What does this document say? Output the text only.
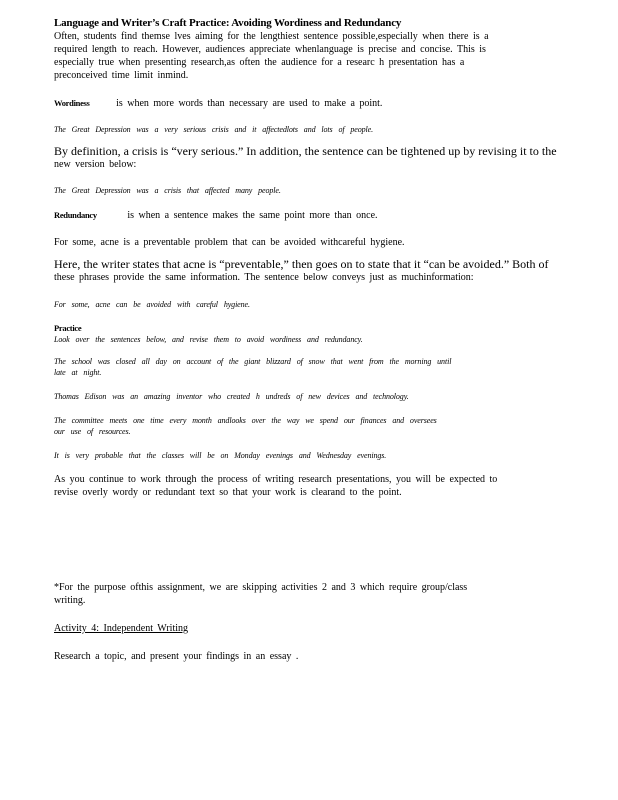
Language and Writer’s Craft Practice: Avoiding Wordiness and Redundancy

Often, students find themse lves aiming for the lengthiest sentence possible,especially when there is a

required length to reach. However, audiences appreciate whenlanguage is precise and concise. This is

especially true when presenting research,as often the audience for a researc h presentation has a

preconceived time limit inmind.

Wordiness	is when more words than necessary are used to make a point.

The Great Depression was a very serious crisis and it affectedlots and lots of people.

By definition, a crisis is “very serious.” In addition, the sentence can be tightened up by revising it to the

new version below:

The Great Depression was a crisis that affected many people.

Redundancy	is when a sentence makes the same point more than once.

For some, acne is a preventable problem that can be avoided withcareful hygiene.

Here, the writer states that acne is “preventable,” then goes on to state that it “can be avoided.” Both of

these phrases provide the same information. The sentence below conveys just as muchinformation:

For some, acne can be avoided with careful hygiene.

Practice

Look over the sentences below, and revise them to avoid wordiness and redundancy.

The school was closed all day on account of the giant blizzard of snow that went from the morning until

late at night.

Thomas Edison was an amazing inventor who created h undreds of new devices and technology.

The committee meets one time every month andlooks over the way we spend our finances and oversees

our use of resources.

It is very probable that the classes will be on Monday evenings and Wednesday evenings.

As you continue to work through the process of writing research presentations, you will be expected to

revise overly wordy or redundant text so that your work is clearand to the point.

*For the purpose ofthis assignment, we are skipping activities 2 and 3 which require group/class

writing.

Activity 4: Independent Writing

Research a topic, and present your findings in an essay .
